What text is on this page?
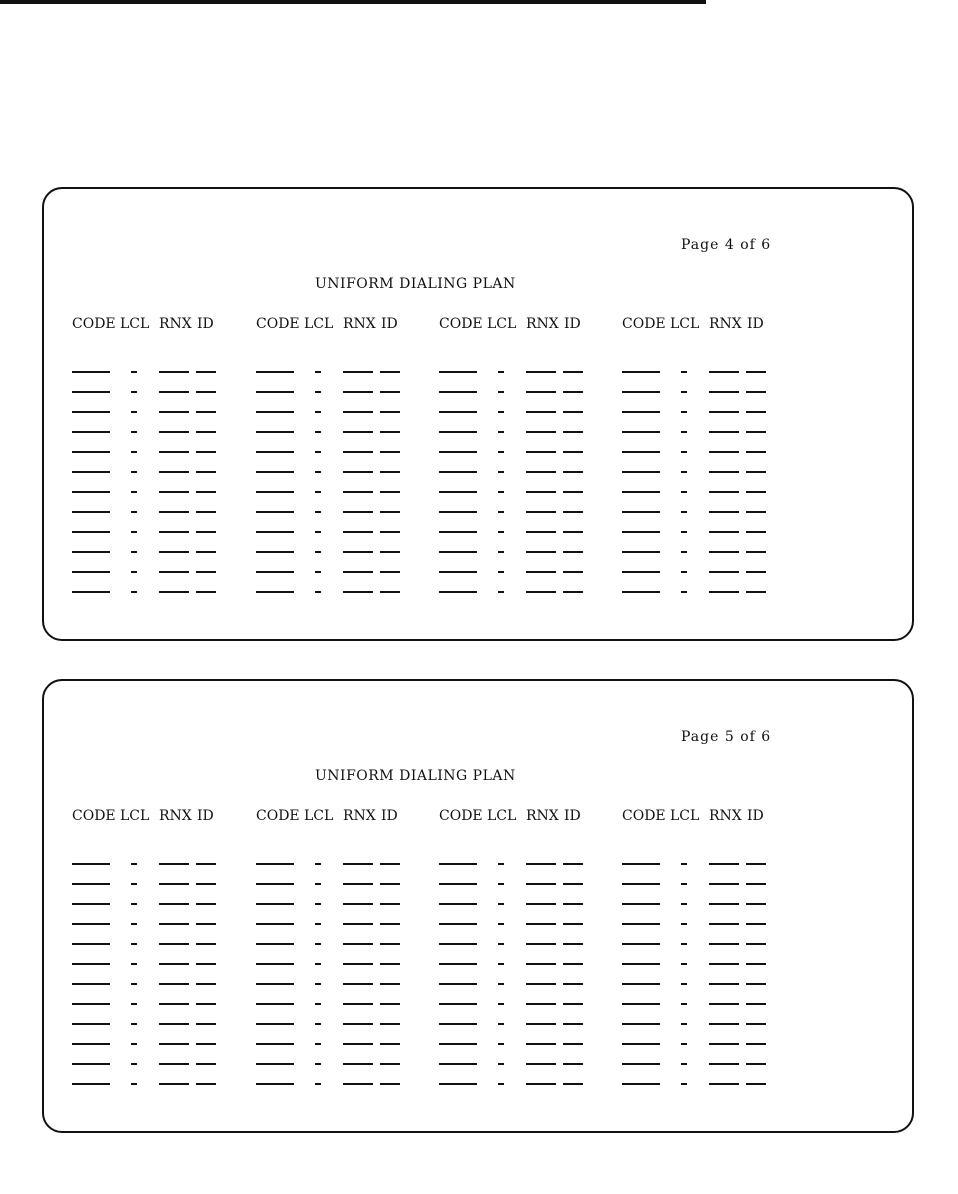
Page 4 of 6
UNIFORM DIALING PLAN
CODE LCL RNX ID	CODE LCL RNX ID	CODE LCL RNX ID	CODE LCL RNX ID
Page 5 of 6
UNIFORM DIALING PLAN
CODE LCL RNX ID	CODE LCL RNX ID	CODE LCL RNX ID	CODE LCL RNX ID
